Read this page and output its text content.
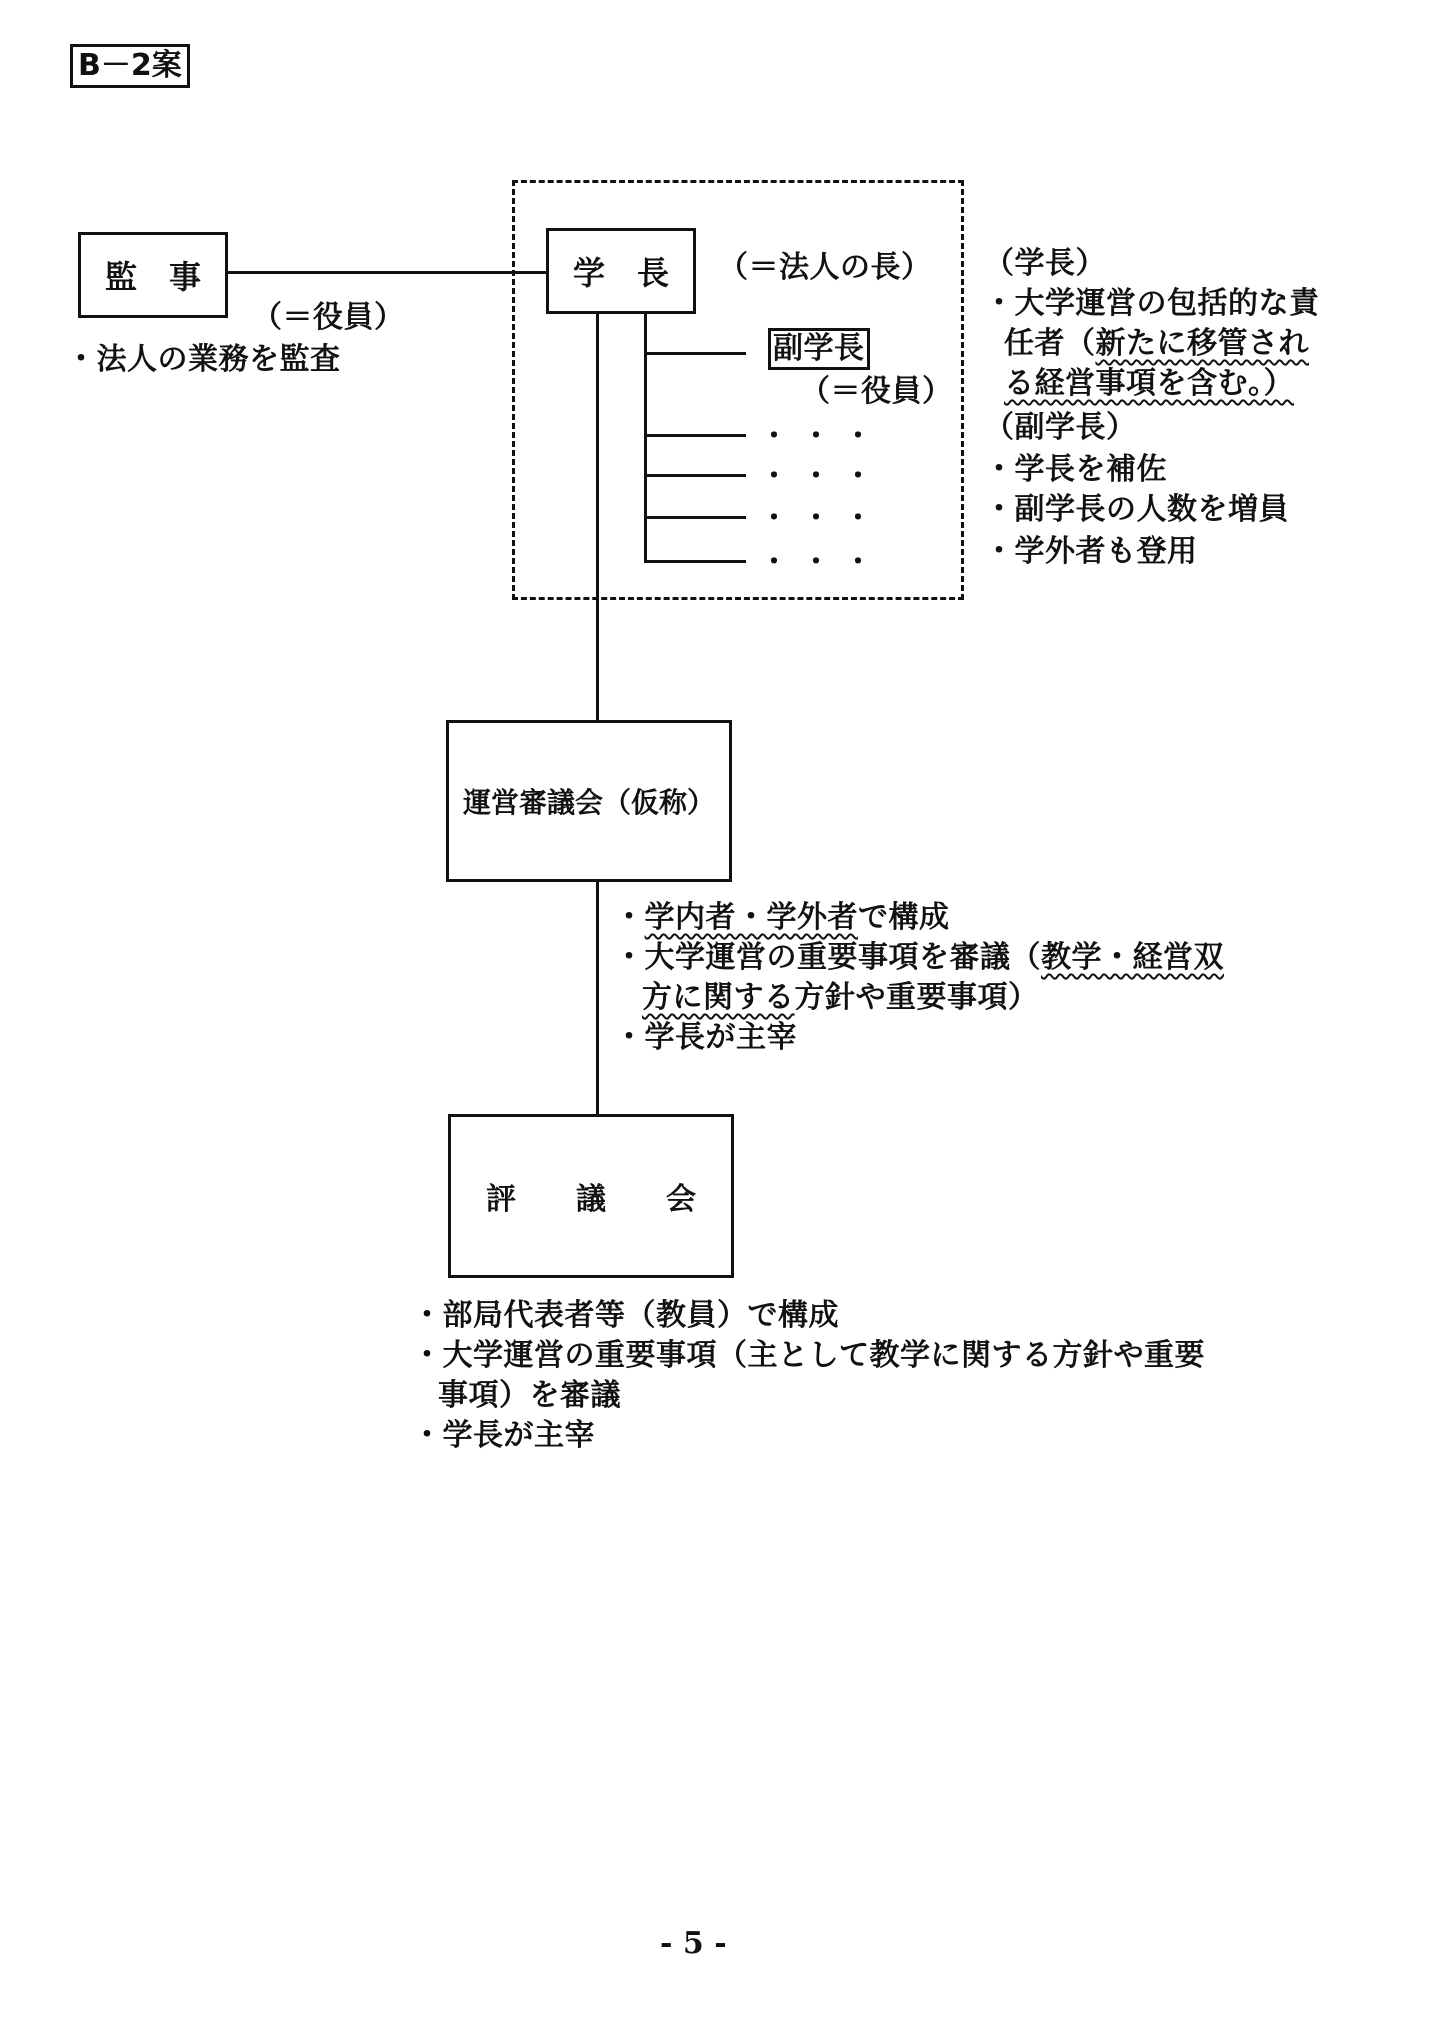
B－2案
監　事
（＝役員）
・法人の業務を監査
学　長 （＝法人の長）
副学長
（＝役員）
・・・
・・・
・・・
・・・
（学長）
・大学運営の包括的な責
任者（新たに移管され
る経営事項を含む。）
（副学長）
・学長を補佐
・副学長の人数を増員
・学外者も登用
運営審議会（仮称）
・学内者・学外者で構成
・大学運営の重要事項を審議（教学・経営双
方に関する方針や重要事項）
・学長が主宰
評　　議　　会
・部局代表者等（教員）で構成
・大学運営の重要事項（主として教学に関する方針や重要
事項）を審議
・学長が主宰
- 5 -
